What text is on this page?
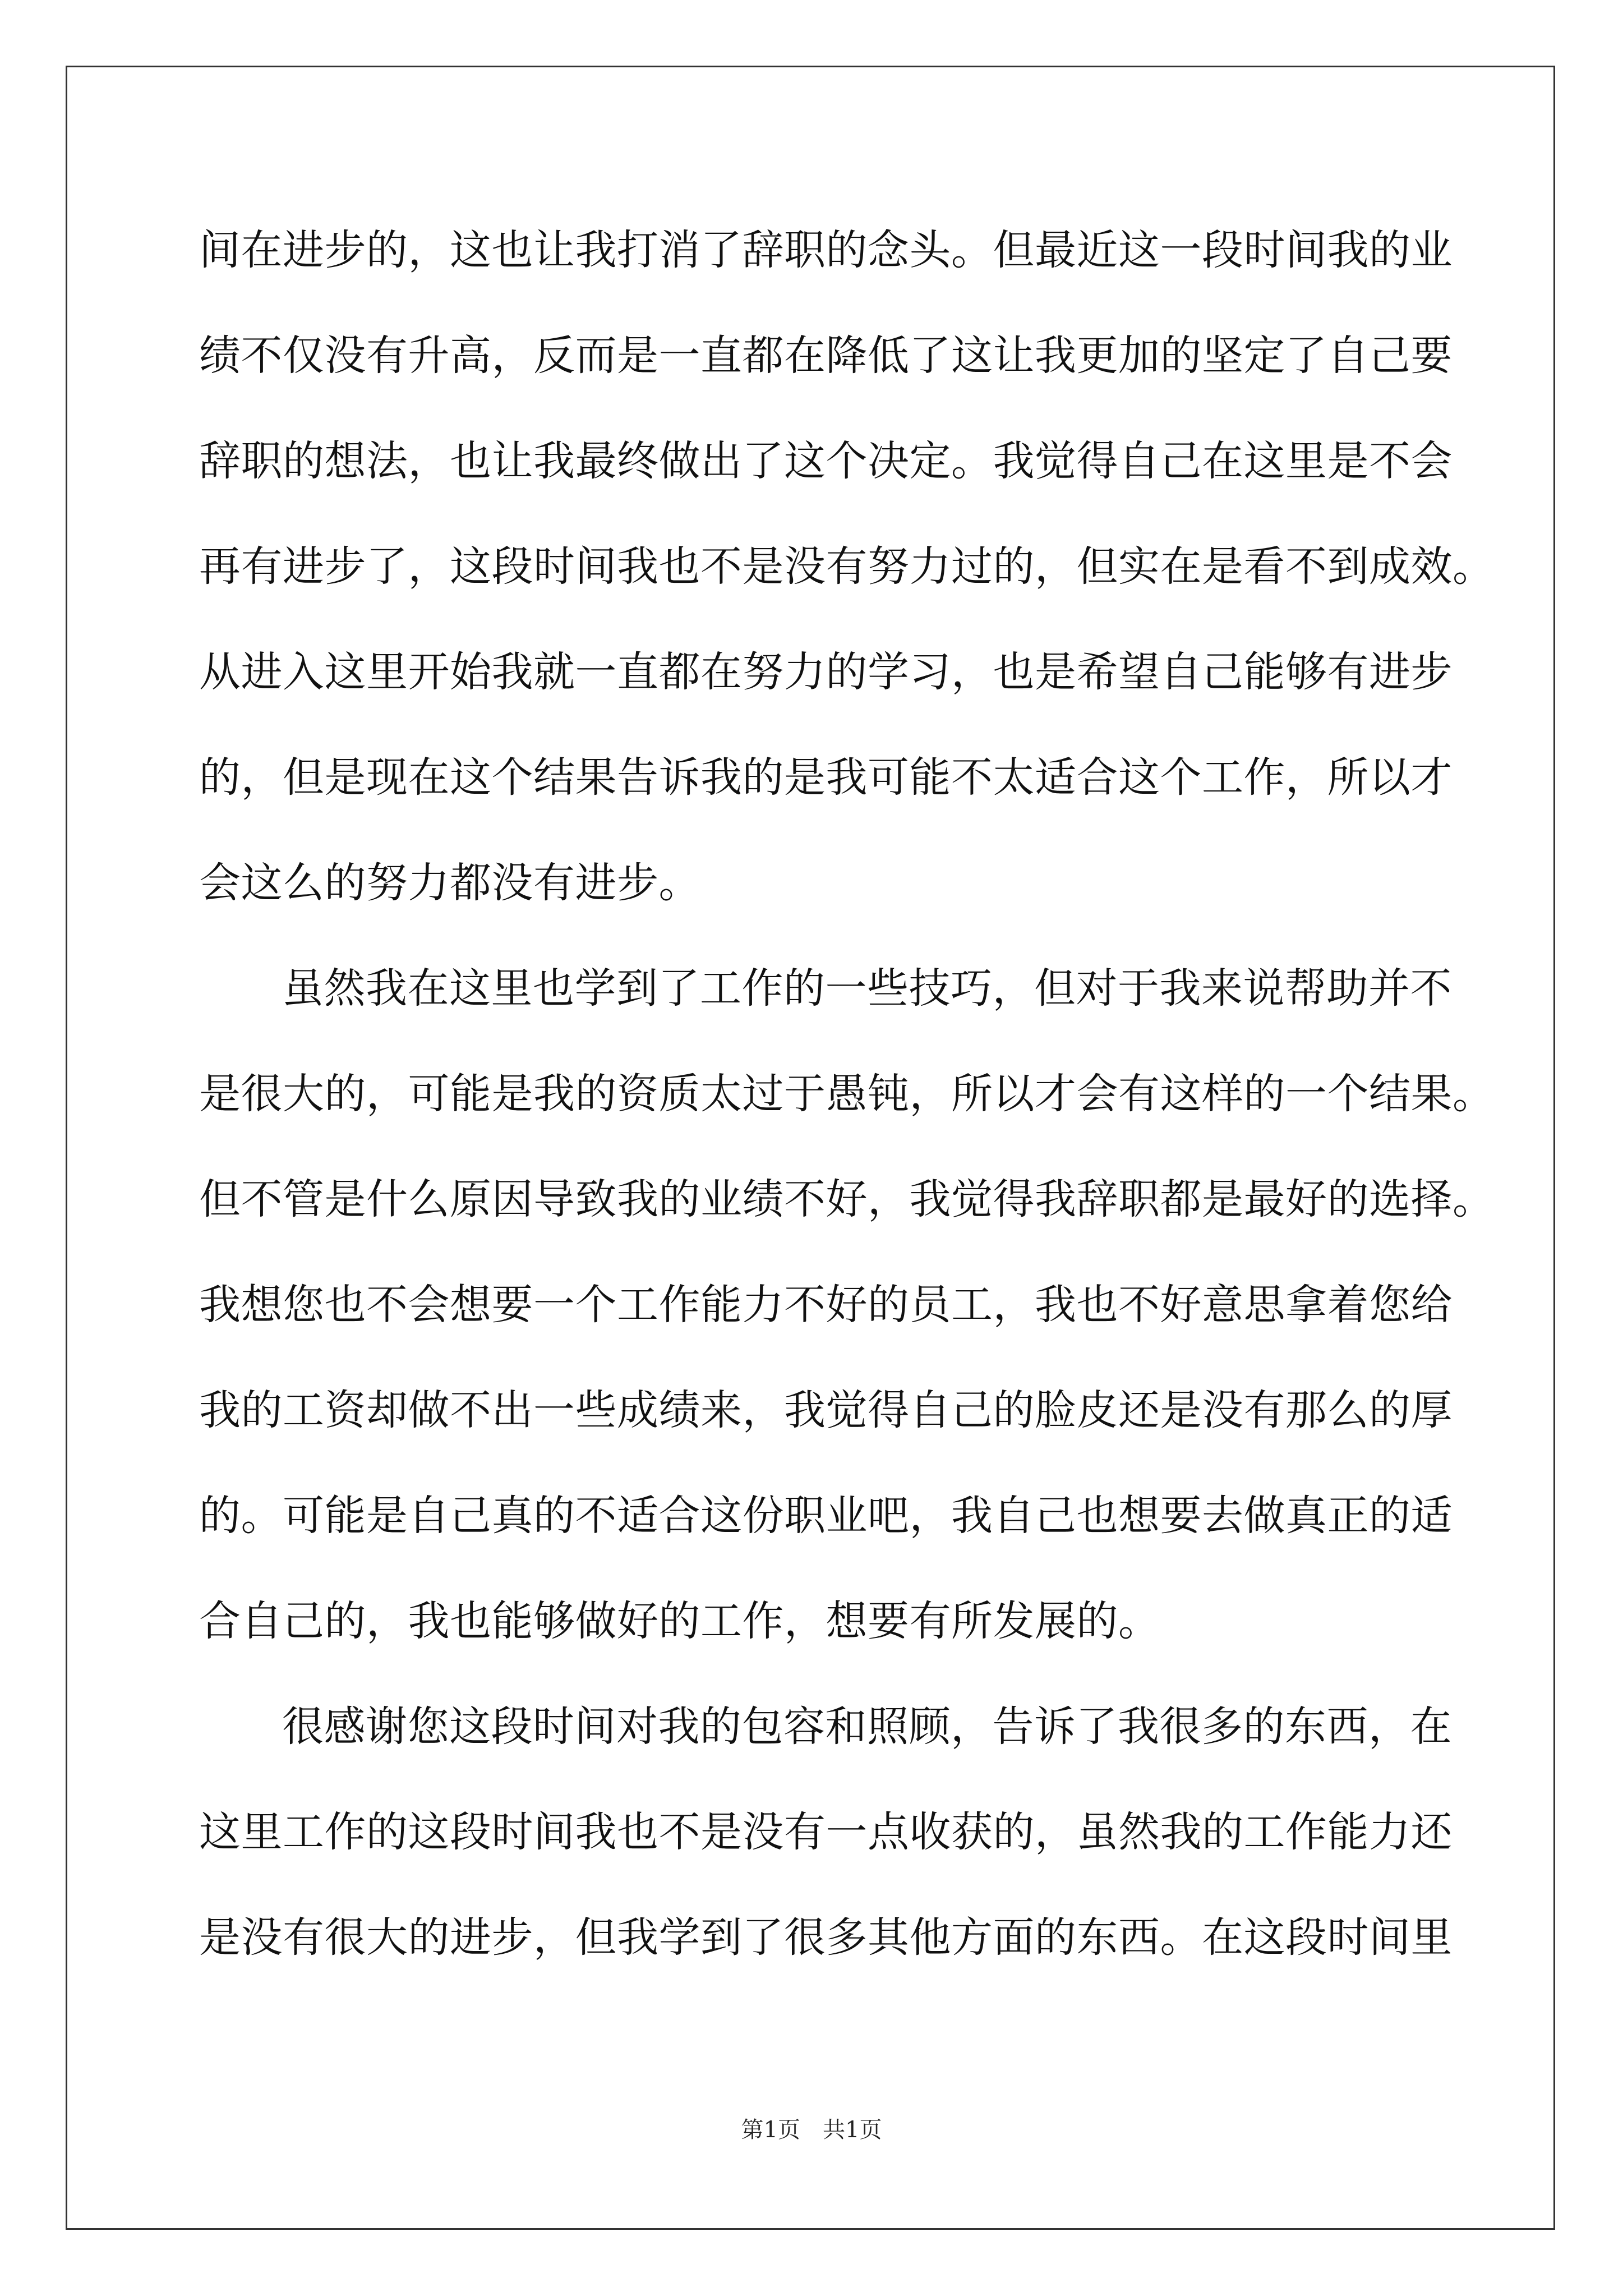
间在进步的，这也让我打消了辞职的念头。但最近这一段时间我的业
绩不仅没有升高，反而是一直都在降低了这让我更加的坚定了自己要
辞职的想法，也让我最终做出了这个决定。我觉得自己在这里是不会
再有进步了，这段时间我也不是没有努力过的，但实在是看不到成效。
从进入这里开始我就一直都在努力的学习，也是希望自己能够有进步
的，但是现在这个结果告诉我的是我可能不太适合这个工作，所以才
会这么的努力都没有进步。
虽然我在这里也学到了工作的一些技巧，但对于我来说帮助并不
是很大的，可能是我的资质太过于愚钝，所以才会有这样的一个结果。
但不管是什么原因导致我的业绩不好，我觉得我辞职都是最好的选择。
我想您也不会想要一个工作能力不好的员工，我也不好意思拿着您给
我的工资却做不出一些成绩来，我觉得自己的脸皮还是没有那么的厚
的。可能是自己真的不适合这份职业吧，我自己也想要去做真正的适
合自己的，我也能够做好的工作，想要有所发展的。
很感谢您这段时间对我的包容和照顾，告诉了我很多的东西，在
这里工作的这段时间我也不是没有一点收获的，虽然我的工作能力还
是没有很大的进步，但我学到了很多其他方面的东西。在这段时间里
第1页　共1页
